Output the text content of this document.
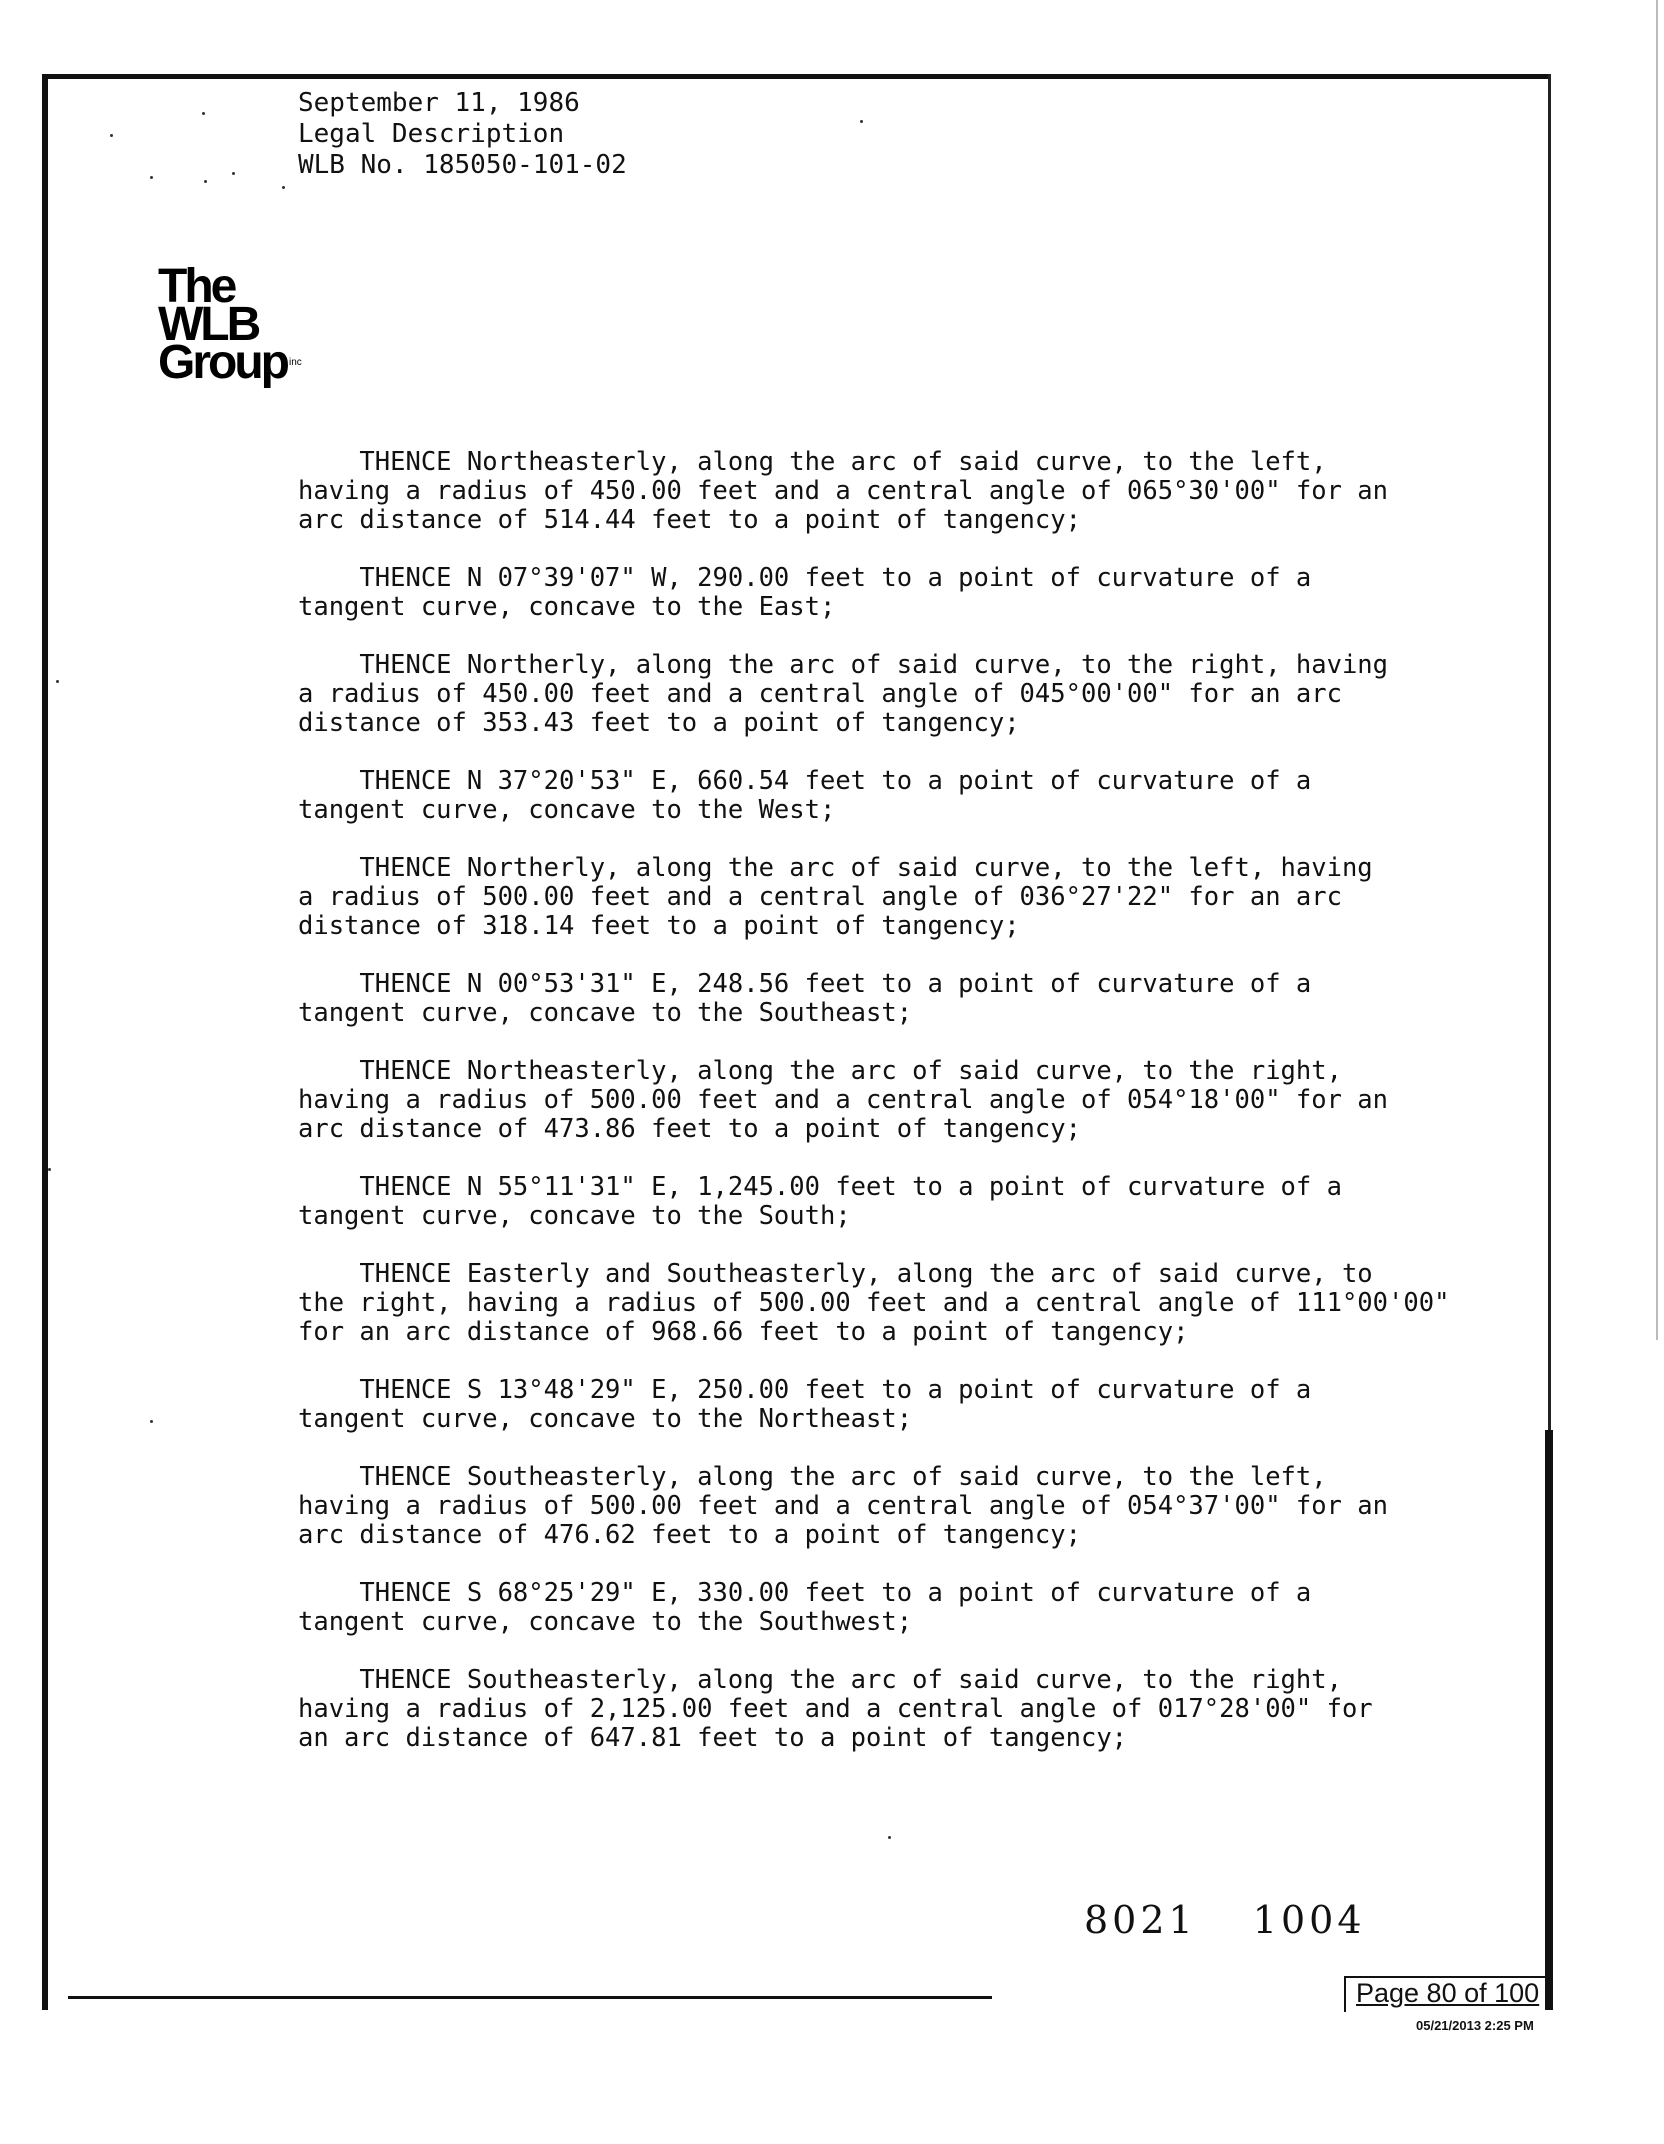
September 11, 1986
Legal Description
WLB No. 185050-101-02
The
WLB
Group inc
THENCE Northeasterly, along the arc of said curve, to the left,
having a radius of 450.00 feet and a central angle of 065°30'00" for an
arc distance of 514.44 feet to a point of tangency;
THENCE N 07°39'07" W, 290.00 feet to a point of curvature of a
tangent curve, concave to the East;
THENCE Northerly, along the arc of said curve, to the right, having
a radius of 450.00 feet and a central angle of 045°00'00" for an arc
distance of 353.43 feet to a point of tangency;
THENCE N 37°20'53" E, 660.54 feet to a point of curvature of a
tangent curve, concave to the West;
THENCE Northerly, along the arc of said curve, to the left, having
a radius of 500.00 feet and a central angle of 036°27'22" for an arc
distance of 318.14 feet to a point of tangency;
THENCE N 00°53'31" E, 248.56 feet to a point of curvature of a
tangent curve, concave to the Southeast;
THENCE Northeasterly, along the arc of said curve, to the right,
having a radius of 500.00 feet and a central angle of 054°18'00" for an
arc distance of 473.86 feet to a point of tangency;
THENCE N 55°11'31" E, 1,245.00 feet to a point of curvature of a
tangent curve, concave to the South;
THENCE Easterly and Southeasterly, along the arc of said curve, to
the right, having a radius of 500.00 feet and a central angle of 111°00'00"
for an arc distance of 968.66 feet to a point of tangency;
THENCE S 13°48'29" E, 250.00 feet to a point of curvature of a
tangent curve, concave to the Northeast;
THENCE Southeasterly, along the arc of said curve, to the left,
having a radius of 500.00 feet and a central angle of 054°37'00" for an
arc distance of 476.62 feet to a point of tangency;
THENCE S 68°25'29" E, 330.00 feet to a point of curvature of a
tangent curve, concave to the Southwest;
THENCE Southeasterly, along the arc of said curve, to the right,
having a radius of 2,125.00 feet and a central angle of 017°28'00" for
an arc distance of 647.81 feet to a point of tangency;
8021 1004
Page 80 of 100
05/21/2013 2:25 PM
